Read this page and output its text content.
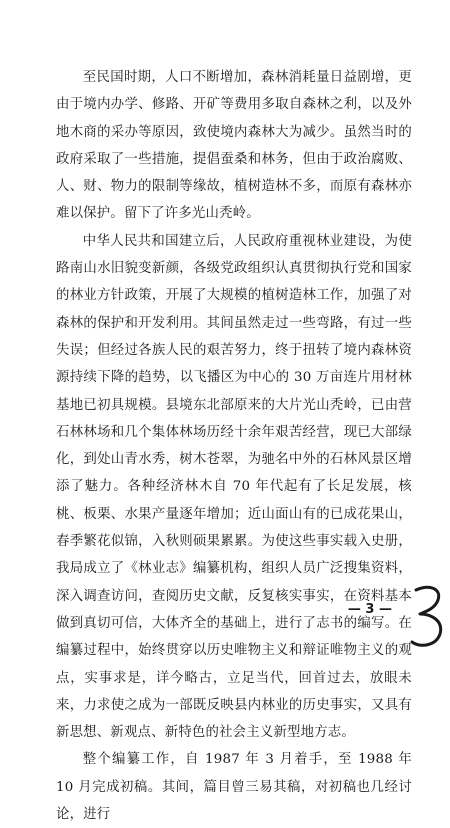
至民国时期，人口不断增加，森林消耗量日益剧增，更由于境内办学、修路、开矿等费用多取自森林之利，以及外地木商的采办等原因，致使境内森林大为减少。虽然当时的政府采取了一些措施，提倡蚕桑和林务，但由于政治腐败、人、财、物力的限制等缘故，植树造林不多，而原有森林亦难以保护。留下了许多光山秃岭。

中华人民共和国建立后，人民政府重视林业建设，为使路南山水旧貌变新颜，各级党政组织认真贯彻执行党和国家的林业方针政策，开展了大规模的植树造林工作，加强了对森林的保护和开发利用。其间虽然走过一些弯路，有过一些失误；但经过各族人民的艰苦努力，终于扭转了境内森林资源持续下降的趋势，以飞播区为中心的 30 万亩连片用材林基地已初具规模。县境东北部原来的大片光山秃岭，已由营石林林场和几个集体林场历经十余年艰苦经营，现已大部绿化，到处山青水秀，树木苍翠，为驰名中外的石林风景区增添了魅力。各种经济林木自 70 年代起有了长足发展，核桃、板栗、水果产量逐年增加；近山面山有的已成花果山，春季繁花似锦，入秋则硕果累累。为使这些事实载入史册，我局成立了《林业志》编纂机构，组织人员广泛搜集资料，深入调查访问，查阅历史文献，反复核实事实，在资料基本做到真切可信，大体齐全的基础上，进行了志书的编写。在编纂过程中，始终贯穿以历史唯物主义和辩证唯物主义的观点，实事求是，详今略古，立足当代，回首过去，放眼未来，力求使之成为一部既反映县内林业的历史事实，又具有新思想、新观点、新特色的社会主义新型地方志。

整个编纂工作，自 1987 年 3 月着手，至 1988 年 10 月完成初稿。其间，篇目曾三易其稿，对初稿也几经讨论，进行

— 3 —
